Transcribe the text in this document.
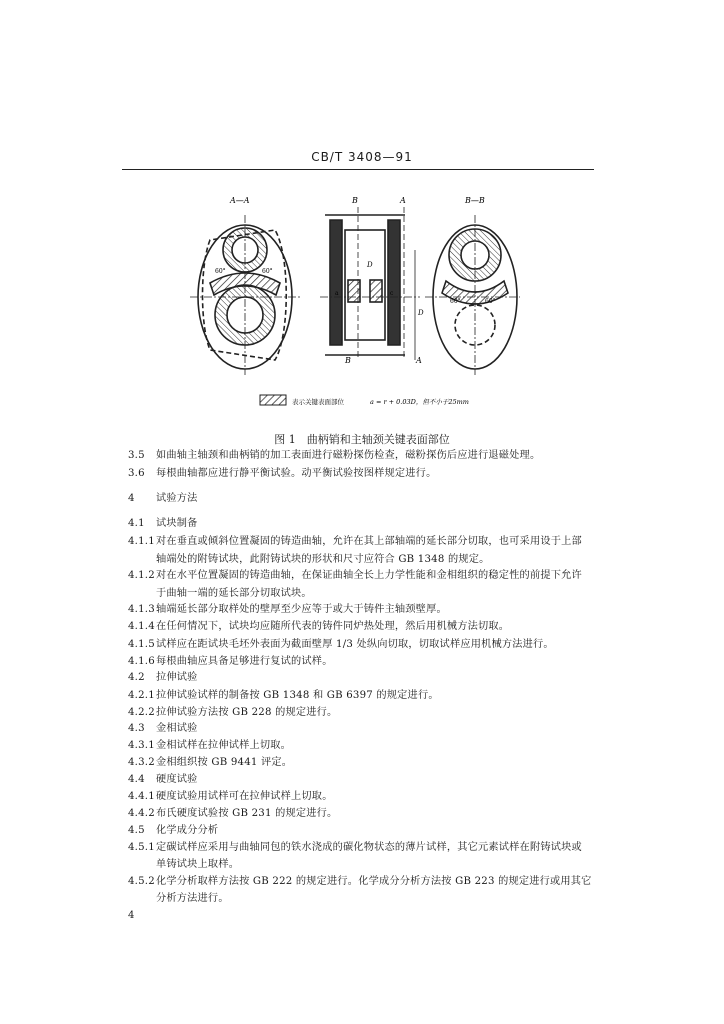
CB/T 3408—91
A—A
60°	60°
B	A
D
D
a	c
B	A
B—B
60°	60°
表示关键表面部位	a = r + 0.03D，但不小于25mm
图 1　曲柄销和主轴颈关键表面部位
3.5 如曲轴主轴颈和曲柄销的加工表面进行磁粉探伤检查，磁粉探伤后应进行退磁处理。
3.6 每根曲轴都应进行静平衡试验。动平衡试验按图样规定进行。
4 试验方法
4.1 试块制备
4.1.1对在垂直或倾斜位置凝固的铸造曲轴，允许在其上部轴端的延长部分切取，也可采用设于上部
轴端处的附铸试块，此附铸试块的形状和尺寸应符合 GB 1348 的规定。
4.1.2对在水平位置凝固的铸造曲轴，在保证曲轴全长上力学性能和金相组织的稳定性的前提下允许
于曲轴一端的延长部分切取试块。
4.1.3轴端延长部分取样处的壁厚至少应等于或大于铸件主轴颈壁厚。
4.1.4在任何情况下，试块均应随所代表的铸件同炉热处理，然后用机械方法切取。
4.1.5试样应在距试块毛坯外表面为截面壁厚 1/3 处纵向切取，切取试样应用机械方法进行。
4.1.6每根曲轴应具备足够进行复试的试样。
4.2 拉伸试验
4.2.1拉伸试验试样的制备按 GB 1348 和 GB 6397 的规定进行。
4.2.2拉伸试验方法按 GB 228 的规定进行。
4.3 金相试验
4.3.1金相试样在拉伸试样上切取。
4.3.2金相组织按 GB 9441 评定。
4.4 硬度试验
4.4.1硬度试验用试样可在拉伸试样上切取。
4.4.2布氏硬度试验按 GB 231 的规定进行。
4.5 化学成分分析
4.5.1定碳试样应采用与曲轴同包的铁水浇成的碳化物状态的薄片试样，其它元素试样在附铸试块或
单铸试块上取样。
4.5.2化学分析取样方法按 GB 222 的规定进行。化学成分分析方法按 GB 223 的规定进行或用其它
分析方法进行。
4
